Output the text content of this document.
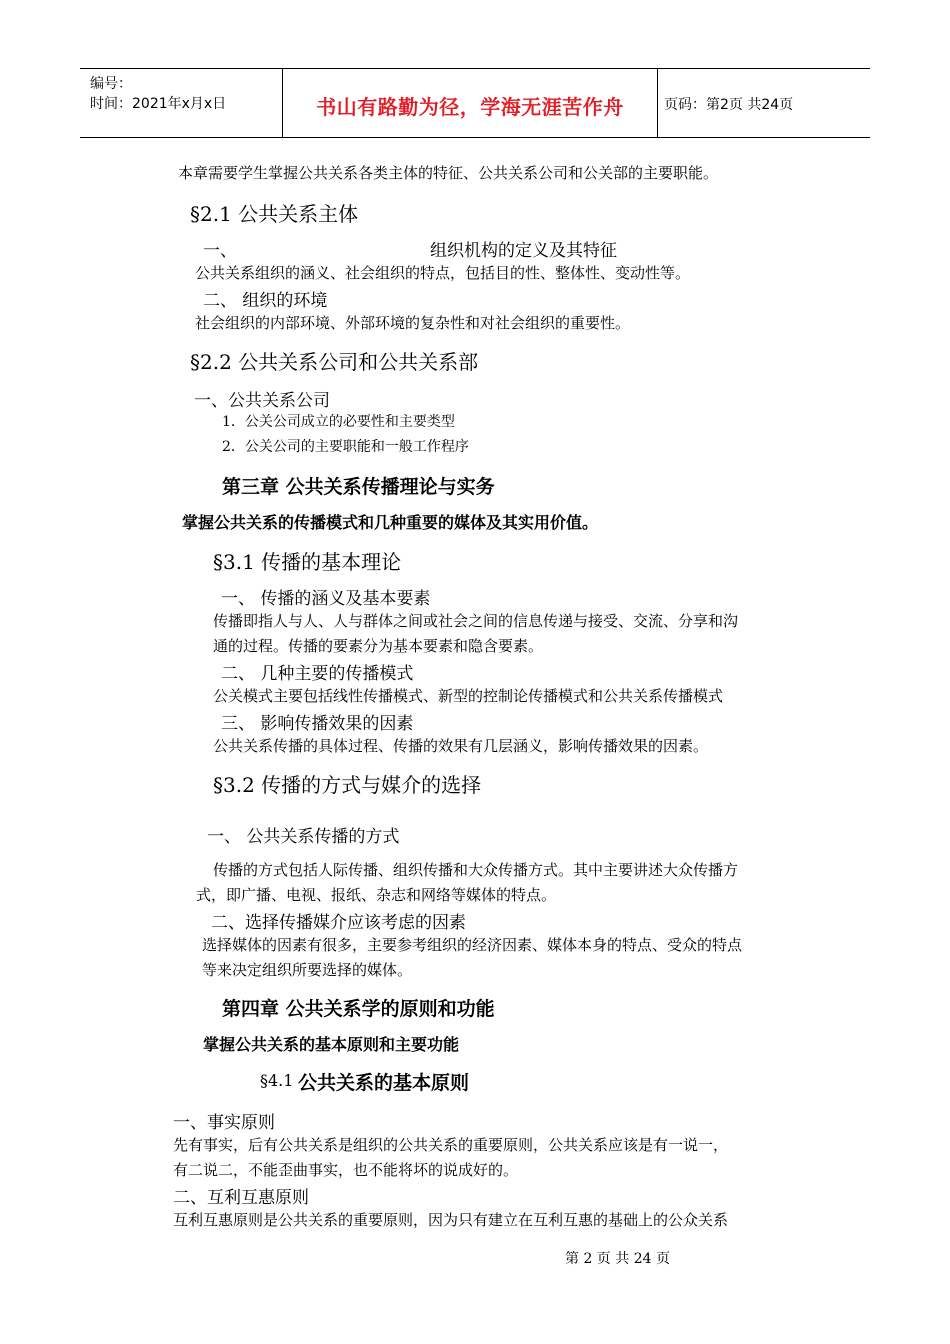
编号：
时间：2021年x月x日	书山有路勤为径，学海无涯苦作舟	页码：第2页 共24页
本章需要学生掌握公共关系各类主体的特征、公共关系公司和公关部的主要职能。
§2.1 公共关系主体
一、	组织机构的定义及其特征
公共关系组织的涵义、社会组织的特点，包括目的性、整体性、变动性等。
二、 组织的环境
社会组织的内部环境、外部环境的复杂性和对社会组织的重要性。
§2.2 公共关系公司和公共关系部
一、公共关系公司
1．公关公司成立的必要性和主要类型
2．公关公司的主要职能和一般工作程序
第三章 公共关系传播理论与实务
掌握公共关系的传播模式和几种重要的媒体及其实用价值。
§3.1 传播的基本理论
一、 传播的涵义及基本要素
传播即指人与人、人与群体之间或社会之间的信息传递与接受、交流、分享和沟
通的过程。传播的要素分为基本要素和隐含要素。
二、 几种主要的传播模式
公关模式主要包括线性传播模式、新型的控制论传播模式和公共关系传播模式
三、 影响传播效果的因素
公共关系传播的具体过程、传播的效果有几层涵义，影响传播效果的因素。
§3.2 传播的方式与媒介的选择
一、 公共关系传播的方式
传播的方式包括人际传播、组织传播和大众传播方式。其中主要讲述大众传播方
式，即广播、电视、报纸、杂志和网络等媒体的特点。
二、选择传播媒介应该考虑的因素
选择媒体的因素有很多，主要参考组织的经济因素、媒体本身的特点、受众的特点
等来决定组织所要选择的媒体。
第四章 公共关系学的原则和功能
掌握公共关系的基本原则和主要功能
§4.1 公共关系的基本原则
一、事实原则
先有事实，后有公共关系是组织的公共关系的重要原则，公共关系应该是有一说一，
有二说二，不能歪曲事实，也不能将坏的说成好的。
二、互利互惠原则
互利互惠原则是公共关系的重要原则，因为只有建立在互利互惠的基础上的公众关系
第 2 页 共 24 页
